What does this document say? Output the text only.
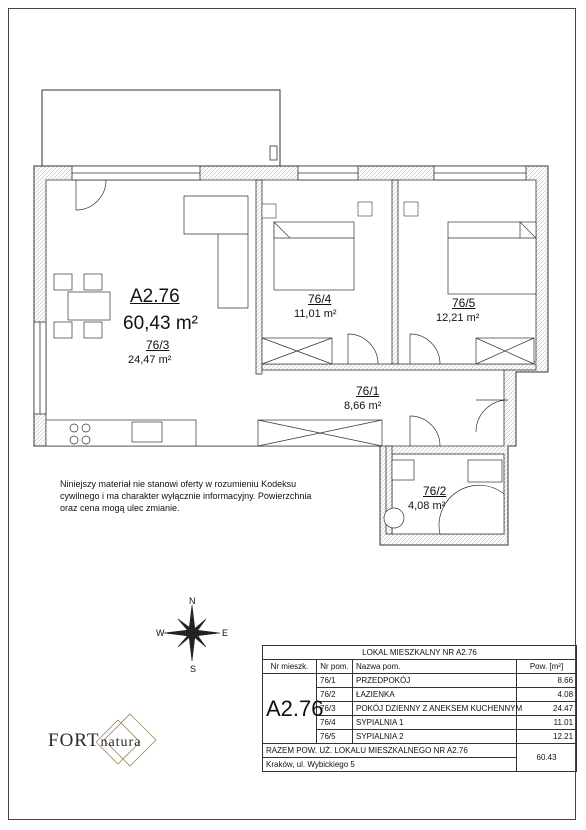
A2.76
60,43 m²
76/3
24,47 m²
76/4
11,01 m²
76/5
12,21 m²
76/1
8,66 m²
76/2
4,08 m²
Niniejszy materiał nie stanowi oferty w rozumieniu Kodeksu
cywilnego i ma charakter wyłącznie informacyjny. Powierzchnia
oraz cena mogą ulec zmianie.
N
S
E
W
FORTnatura
LOKAL MIESZKALNY NR A2.76			
Nr mieszk.	Nr pom.	Nazwa pom.	Pow. [m²]
A2.76	76/1	PRZEDPOKÓJ	8.66
	76/2	ŁAZIENKA	4.08
	76/3	POKÓJ DZIENNY Z ANEKSEM KUCHENNYM	24.47
	76/4	SYPIALNIA 1	11.01
	76/5	SYPIALNIA 2	12.21
RAZEM POW. UŻ. LOKALU MIESZKALNEGO NR A2.76			60.43
Kraków, ul. Wybickiego 5			
